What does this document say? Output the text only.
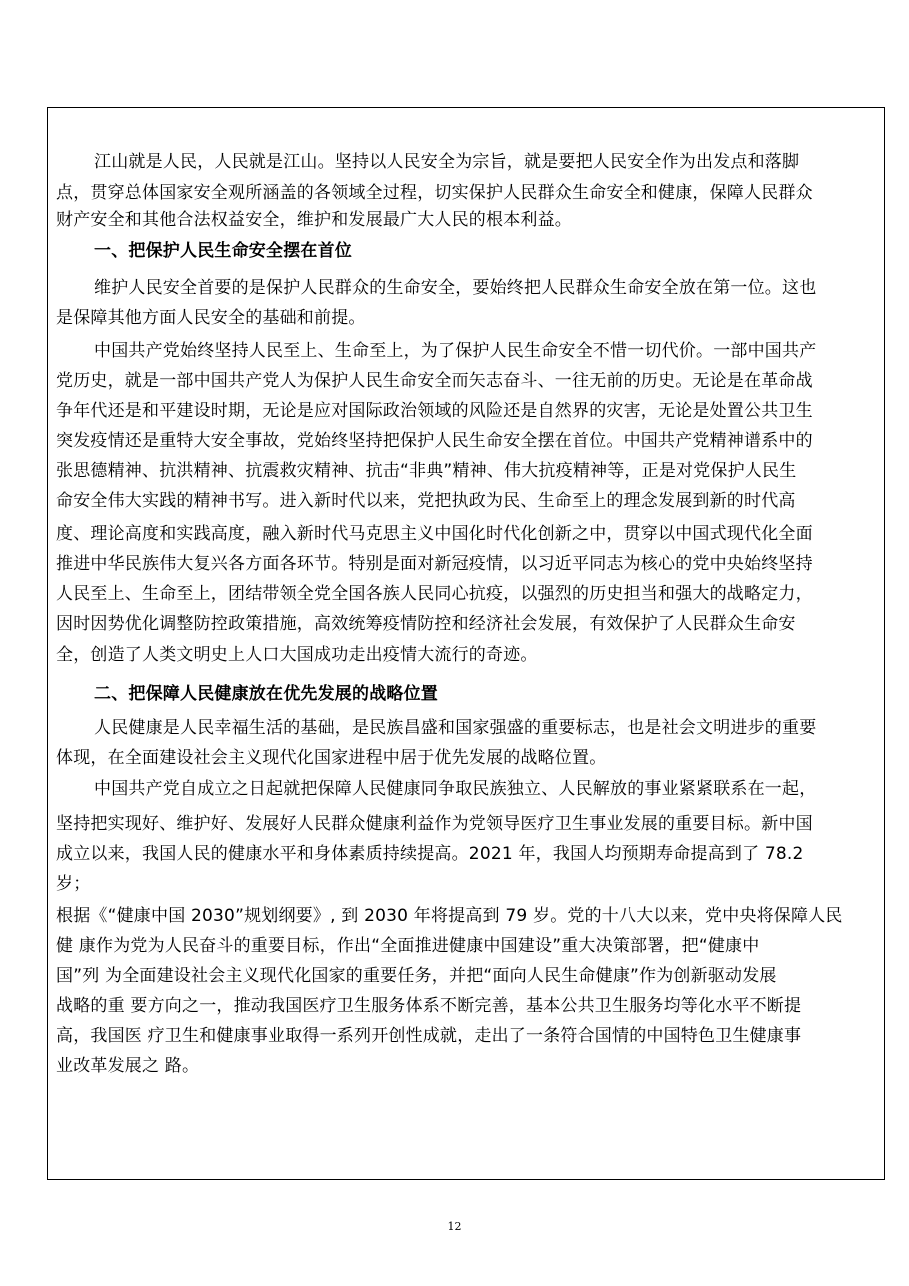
江山就是人民，人民就是江山。坚持以人民安全为宗旨，就是要把人民安全作为出发点和落脚
点，贯穿总体国家安全观所涵盖的各领域全过程，切实保护人民群众生命安全和健康，保障人民群众
财产安全和其他合法权益安全，维护和发展最广大人民的根本利益。
一、把保护人民生命安全摆在首位
维护人民安全首要的是保护人民群众的生命安全，要始终把人民群众生命安全放在第一位。这也
是保障其他方面人民安全的基础和前提。
中国共产党始终坚持人民至上、生命至上，为了保护人民生命安全不惜一切代价。一部中国共产
党历史，就是一部中国共产党人为保护人民生命安全而矢志奋斗、一往无前的历史。无论是在革命战
争年代还是和平建设时期，无论是应对国际政治领域的风险还是自然界的灾害，无论是处置公共卫生
突发疫情还是重特大安全事故，党始终坚持把保护人民生命安全摆在首位。中国共产党精神谱系中的
张思德精神、抗洪精神、抗震救灾精神、抗击“非典”精神、伟大抗疫精神等，正是对党保护人民生
命安全伟大实践的精神书写。进入新时代以来，党把执政为民、生命至上的理念发展到新的时代高
度、理论高度和实践高度，融入新时代马克思主义中国化时代化创新之中，贯穿以中国式现代化全面
推进中华民族伟大复兴各方面各环节。特别是面对新冠疫情，以习近平同志为核心的党中央始终坚持
人民至上、生命至上，团结带领全党全国各族人民同心抗疫，以强烈的历史担当和强大的战略定力，
因时因势优化调整防控政策措施，高效统筹疫情防控和经济社会发展，有效保护了人民群众生命安
全，创造了人类文明史上人口大国成功走出疫情大流行的奇迹。
二、把保障人民健康放在优先发展的战略位置
人民健康是人民幸福生活的基础，是民族昌盛和国家强盛的重要标志，也是社会文明进步的重要
体现，在全面建设社会主义现代化国家进程中居于优先发展的战略位置。
中国共产党自成立之日起就把保障人民健康同争取民族独立、人民解放的事业紧紧联系在一起，
坚持把实现好、维护好、发展好人民群众健康利益作为党领导医疗卫生事业发展的重要目标。新中国
成立以来，我国人民的健康水平和身体素质持续提高。2021 年，我国人均预期寿命提高到了 78.2
岁；
根据《“健康中国 2030”规划纲要》, 到 2030 年将提高到 79 岁。党的十八大以来，党中央将保障人民
健 康作为党为人民奋斗的重要目标，作出“全面推进健康中国建设”重大决策部署，把“健康中
国”列 为全面建设社会主义现代化国家的重要任务，并把“面向人民生命健康”作为创新驱动发展
战略的重 要方向之一，推动我国医疗卫生服务体系不断完善，基本公共卫生服务均等化水平不断提
高，我国医 疗卫生和健康事业取得一系列开创性成就，走出了一条符合国情的中国特色卫生健康事
业改革发展之 路。
12
